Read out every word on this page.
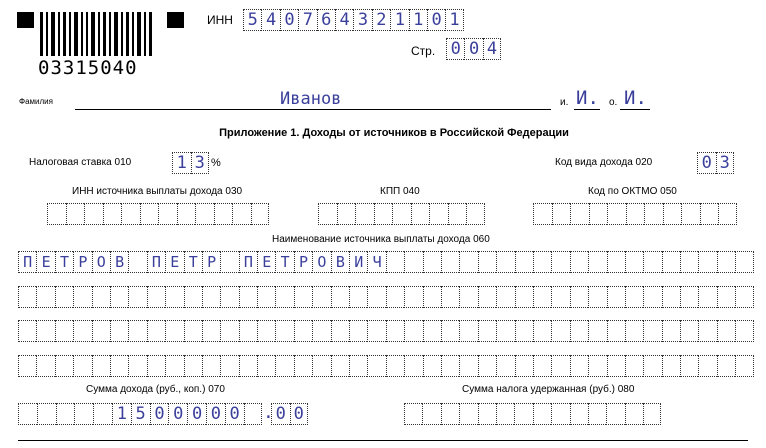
03315040
ИНН 5 4 0 7 6 4 3 2 1 1 0 1
Стр. 0 0 4
Фамилия	Иванов	и. И. о. И.
Приложение 1. Доходы от источников в Российской Федерации
Налоговая ставка 010	1 3 %	Код вида дохода 020	0 3
ИНН источника выплаты дохода 030	КПП 040	Код по ОКТМО 050
Наименование источника выплаты дохода 060
П Е Т Р О В	П Е Т Р	П Е Т Р О В И Ч
Сумма дохода (руб., коп.) 070	Сумма налога удержанная (руб.) 080
1 5 0 0 0 0 0 . 0 0
